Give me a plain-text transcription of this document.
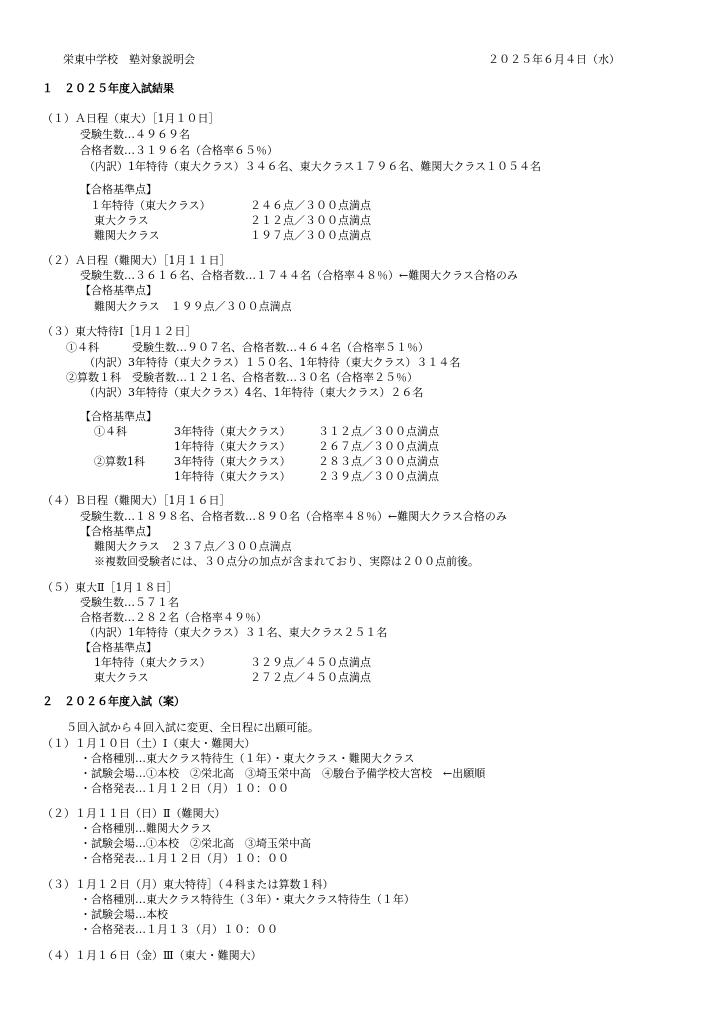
栄東中学校　塾対象説明会	２０２５年６月４日（水）
１　２０２５年度入試結果
（１）Ａ日程（東大）［1月１０日］
受験生数…４９６９名
合格者数…３１９６名（合格率６５％）
（内訳）1年特待（東大クラス）３４６名、東大クラス１７９６名、難関大クラス１０５４名
【合格基準点】
１年特待（東大クラス）	２４６点／３００点満点
東大クラス	２１２点／３００点満点
難関大クラス	１９７点／３００点満点
（２）Ａ日程（難関大）［1月１１日］
受験生数…３６１６名、合格者数…１７４４名（合格率４８％）←難関大クラス合格のみ
【合格基準点】
難関大クラス　１９９点／３００点満点
（３）東大特待Ⅰ［1月１２日］
①４科　　　受験生数…９０７名、合格者数…４６４名（合格率５１％）
（内訳）3年特待（東大クラス）１５０名、1年特待（東大クラス）３１４名
②算数１科　受験者数…１２１名、合格者数…３０名（合格率２５％）
（内訳）3年特待（東大クラス）4名、1年特待（東大クラス）２６名
【合格基準点】
①４科	3年特待（東大クラス） ３１２点／３００点満点
1年特待（東大クラス） ２６７点／３００点満点
②算数1科	3年特待（東大クラス） ２８３点／３００点満点
1年特待（東大クラス） ２３９点／３００点満点
（４）Ｂ日程（難関大）［1月１６日］
受験生数…１８９８名、合格者数…８９０名（合格率４８％）←難関大クラス合格のみ
【合格基準点】
難関大クラス　２３７点／３００点満点
※複数回受験者には、３０点分の加点が含まれており、実際は２００点前後。
（５）東大Ⅱ［1月１８日］
受験生数…５７１名
合格者数…２８２名（合格率４９％）
（内訳）1年特待（東大クラス）３１名、東大クラス２５１名
【合格基準点】
1年特待（東大クラス）	３２９点／４５０点満点
東大クラス	２７２点／４５０点満点
２　２０２６年度入試（案）
５回入試から４回入試に変更、全日程に出願可能。
（１）１月１０日（土）Ⅰ（東大・難関大）
・合格種別…東大クラス特待生（１年）・東大クラス・難関大クラス
・試験会場…①本校　②栄北高　③埼玉栄中高　④駿台予備学校大宮校　←出願順
・合格発表…１月１２日（月）１０：００
（２）１月１１日（日）Ⅱ（難関大）
・合格種別…難関大クラス
・試験会場…①本校　②栄北高　③埼玉栄中高
・合格発表…１月１２日（月）１０：００
（３）１月１２日（月）東大特待］（４科または算数１科）
・合格種別…東大クラス特待生（３年）・東大クラス特待生（１年）
・試験会場…本校
・合格発表…１月１３（月）１０：００
（４）１月１６日（金）Ⅲ（東大・難関大）
